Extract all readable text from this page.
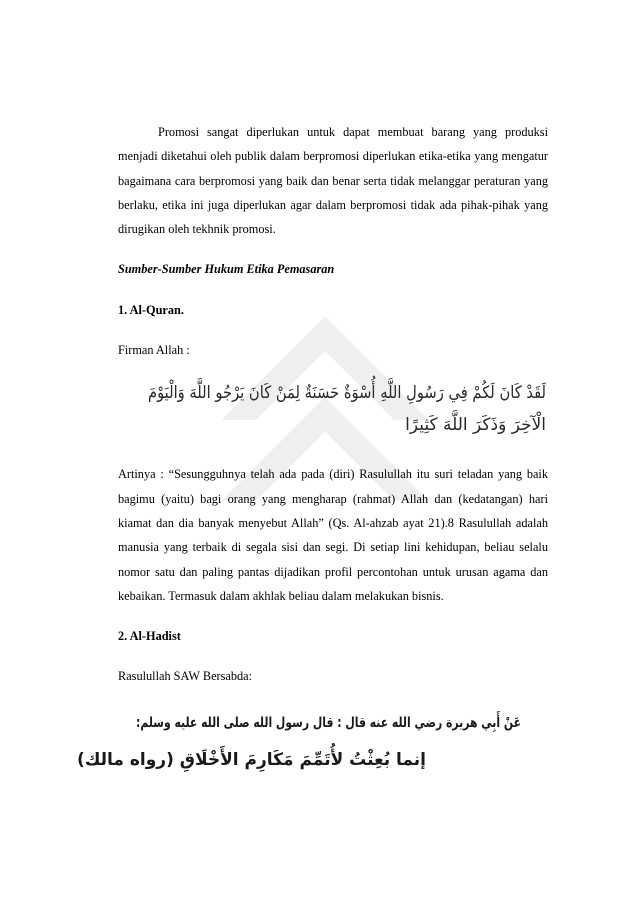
Promosi sangat diperlukan untuk dapat membuat barang yang produksi menjadi diketahui oleh publik dalam berpromosi diperlukan etika-etika yang mengatur bagaimana cara berpromosi yang baik dan benar serta tidak melanggar peraturan yang berlaku, etika ini juga diperlukan agar dalam berpromosi tidak ada pihak-pihak yang dirugikan oleh tekhnik promosi.

Sumber-Sumber Hukum Etika Pemasaran

1. Al-Quran.

Firman Allah :

لَقَدْ كَانَ لَكُمْ فِي رَسُولِ اللَّهِ أُسْوَةٌ حَسَنَةٌ لِمَنْ كَانَ يَرْجُو اللَّهَ وَالْيَوْمَ
الْآخِرَ وَذَكَرَ اللَّهَ كَثِيرًا

Artinya : “Sesungguhnya telah ada pada (diri) Rasulullah itu suri teladan yang baik bagimu (yaitu) bagi orang yang mengharap (rahmat) Allah dan (kedatangan) hari kiamat dan dia banyak menyebut Allah” (Qs. Al-ahzab ayat 21).8 Rasulullah adalah manusia yang terbaik di segala sisi dan segi. Di setiap lini kehidupan, beliau selalu nomor satu dan paling pantas dijadikan profil percontohan untuk urusan agama dan kebaikan. Termasuk dalam akhlak beliau dalam melakukan bisnis.

2. Al-Hadist

Rasulullah SAW Bersabda:

عَنْ أَبِي هريرة رضي الله عنه قال : قال رسول الله صلى الله عليه وسلم:
إنما بُعِثْتُ لأُتَمِّمَ مَكَارِمَ الأَخْلَاقِ (رواه مالك)
